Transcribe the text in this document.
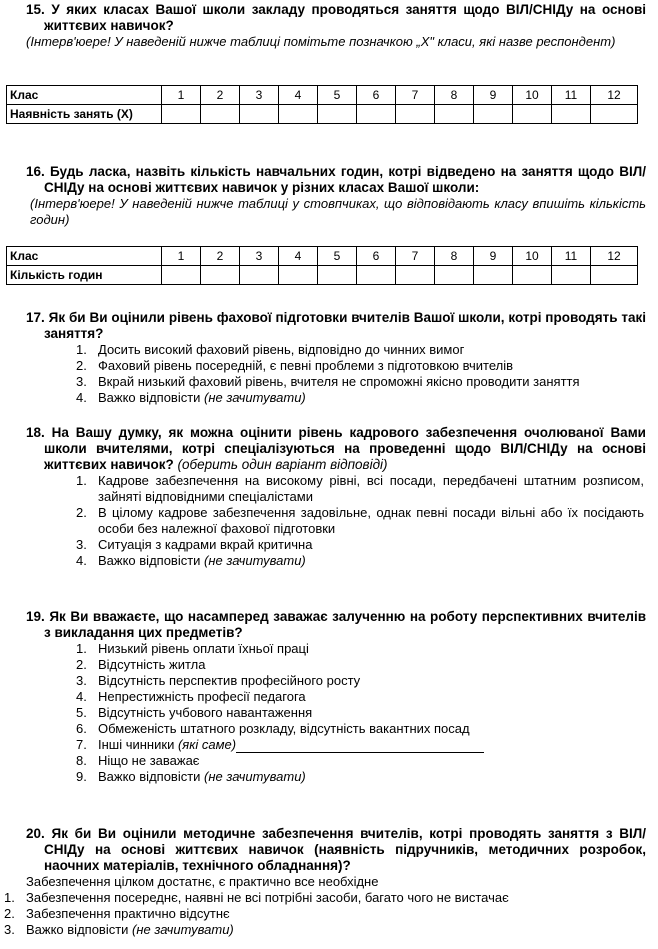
15. У яких класах Вашої школи закладу проводяться заняття щодо ВІЛ/СНІДу на основі життєвих навичок?
(Інтерв'юере! У наведеній нижче таблиці помітьте позначкою „Х" класи, які назве респондент)
Клас	1	2	3	4	5	6	7	8	9	10	11	12
Наявність занять (Х)												
16. Будь ласка, назвіть кількість навчальних годин, котрі відведено на заняття щодо ВІЛ/СНІДу на основі життєвих навичок у різних класах Вашої школи:
(Інтерв'юере! У наведеній нижче таблиці у стовпчиках, що відповідають класу впишіть кількість годин)
Клас	1	2	3	4	5	6	7	8	9	10	11	12
Кількість годин												
17. Як би Ви оцінили рівень фахової підготовки вчителів Вашої школи, котрі проводять такі заняття?
1. Досить високий фаховий рівень, відповідно до чинних вимог
2. Фаховий рівень посередній, є певні проблеми з підготовкою вчителів
3. Вкрай низький фаховий рівень, вчителя не спроможні якісно проводити заняття
4. Важко відповісти (не зачитувати)
18. На Вашу думку, як можна оцінити рівень кадрового забезпечення очолюваної Вами школи вчителями, котрі спеціалізуються на проведенні щодо ВІЛ/СНІДу на основі життєвих навичок? (оберить один варіант відповіді)
1. Кадрове забезпечення на високому рівні, всі посади, передбачені штатним розписом, зайняті відповідними спеціалістами
2. В цілому кадрове забезпечення задовільне, однак певні посади вільні або їх посідають особи без належної фахової підготовки
3. Ситуація з кадрами вкрай критична
4. Важко відповісти (не зачитувати)
19. Як Ви вважаєте, що насамперед заважає залученню на роботу перспективних вчителів з викладання цих предметів?
1. Низький рівень оплати їхньої праці
2. Відсутність житла
3. Відсутність перспектив професійного росту
4. Непрестижність професії педагога
5. Відсутність учбового навантаження
6. Обмеженість штатного розкладу, відсутність вакантних посад
7. Інші чинники (які саме)
8. Ніщо не заважає
9. Важко відповісти (не зачитувати)
20. Як би Ви оцінили методичне забезпечення вчителів, котрі проводять заняття з ВІЛ/СНІДу на основі життєвих навичок (наявність підручників, методичних розробок, наочних матеріалів, технічного обладнання)?
Забезпечення цілком достатнє, є практично все необхідне
1. Забезпечення посереднє, наявні не всі потрібні засоби, багато чого не вистачає
2. Забезпечення практично відсутнє
3. Важко відповісти (не зачитувати)
